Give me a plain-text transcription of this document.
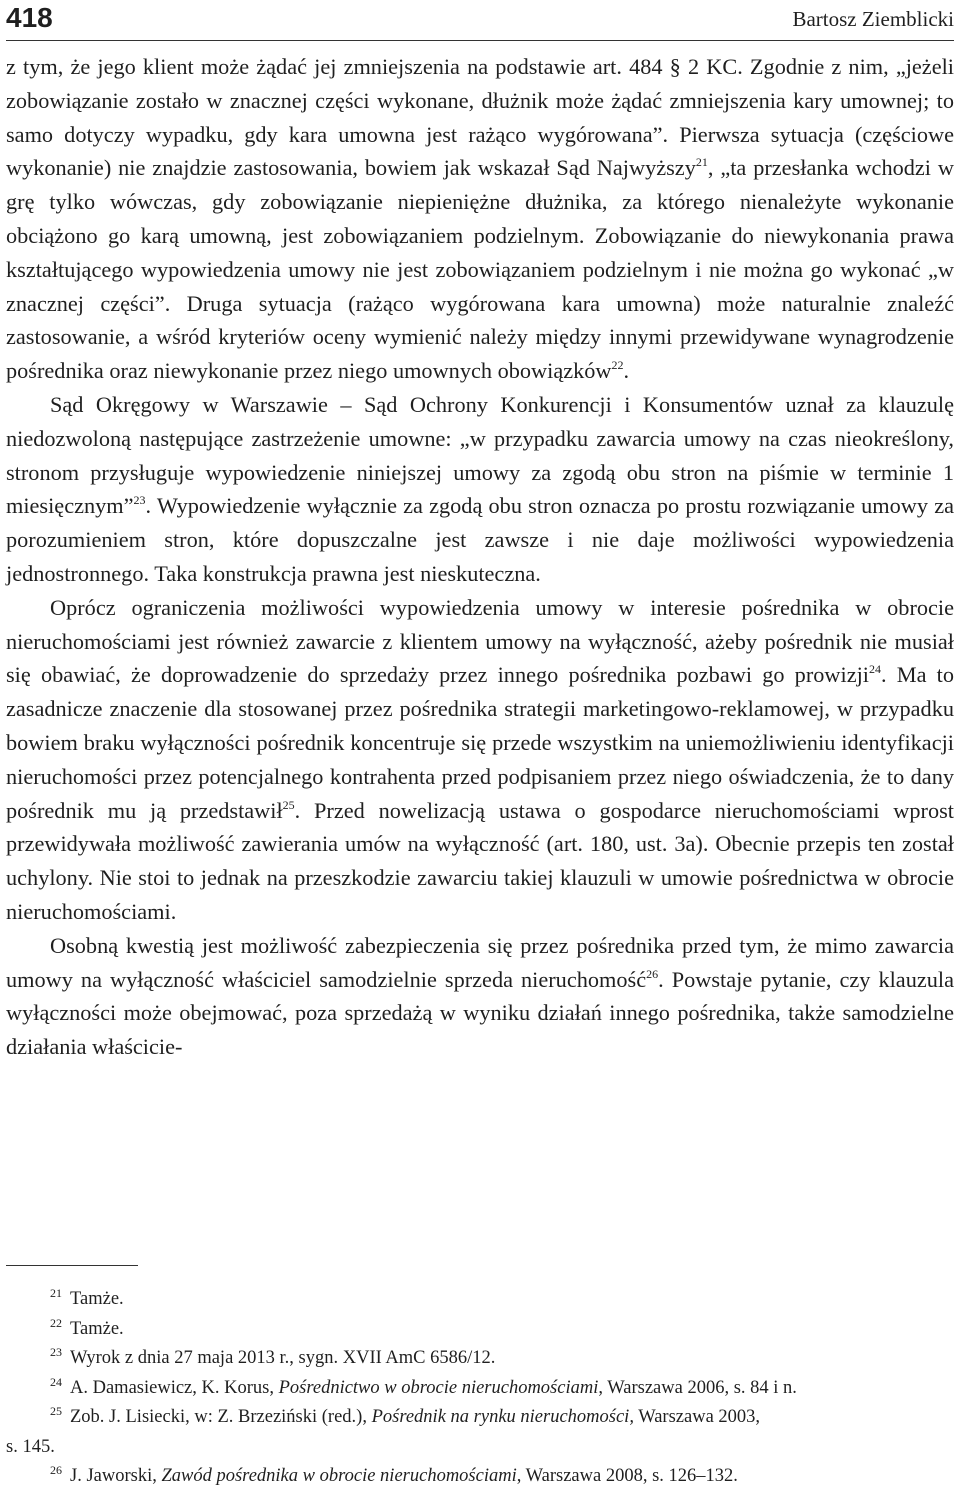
418	Bartosz Ziemblicki

z tym, że jego klient może żądać jej zmniejszenia na podstawie art. 484 § 2 KC. Zgodnie z nim, „jeżeli zobowiązanie zostało w znacznej części wykonane, dłużnik może żądać zmniejszenia kary umownej; to samo dotyczy wypadku, gdy kara umowna jest rażąco wygórowana”. Pierwsza sytuacja (częściowe wykonanie) nie znajdzie zastosowania, bowiem jak wskazał Sąd Najwyższy$^{21}$, „ta przesłanka wchodzi w grę tylko wówczas, gdy zobowiązanie niepieniężne dłużnika, za którego nienależyte wykonanie obciążono go karą umowną, jest zobowiązaniem podzielnym. Zobowiązanie do niewykonania prawa kształtującego wypowiedzenia umowy nie jest zobowiązaniem podzielnym i nie można go wykonać „w znacznej części”. Druga sytuacja (rażąco wygórowana kara umowna) może naturalnie znaleźć zastosowanie, a wśród kryteriów oceny wymienić należy między innymi przewidywane wynagrodzenie pośrednika oraz niewykonanie przez niego umownych obowiązków$^{22}$.

Sąd Okręgowy w Warszawie – Sąd Ochrony Konkurencji i Konsumentów uznał za klauzulę niedozwoloną następujące zastrzeżenie umowne: „w przypadku zawarcia umowy na czas nieokreślony, stronom przysługuje wypowiedzenie niniejszej umowy za zgodą obu stron na piśmie w terminie 1 miesięcznym”$^{23}$. Wypowiedzenie wyłącznie za zgodą obu stron oznacza po prostu rozwiązanie umowy za porozumieniem stron, które dopuszczalne jest zawsze i nie daje możliwości wypowiedzenia jednostronnego. Taka konstrukcja prawna jest nieskuteczna.

Oprócz ograniczenia możliwości wypowiedzenia umowy w interesie pośrednika w obrocie nieruchomościami jest również zawarcie z klientem umowy na wyłączność, ażeby pośrednik nie musiał się obawiać, że doprowadzenie do sprzedaży przez innego pośrednika pozbawi go prowizji$^{24}$. Ma to zasadnicze znaczenie dla stosowanej przez pośrednika strategii marketingowo-reklamowej, w przypadku bowiem braku wyłączności pośrednik koncentruje się przede wszystkim na uniemożliwieniu identyfikacji nieruchomości przez potencjalnego kontrahenta przed podpisaniem przez niego oświadczenia, że to dany pośrednik mu ją przedstawił$^{25}$. Przed nowelizacją ustawa o gospodarce nieruchomościami wprost przewidywała możliwość zawierania umów na wyłączność (art. 180, ust. 3a). Obecnie przepis ten został uchylony. Nie stoi to jednak na przeszkodzie zawarciu takiej klauzuli w umowie pośrednictwa w obrocie nieruchomościami.

Osobną kwestią jest możliwość zabezpieczenia się przez pośrednika przed tym, że mimo zawarcia umowy na wyłączność właściciel samodzielnie sprzeda nieruchomość$^{26}$. Powstaje pytanie, czy klauzula wyłączności może obejmować, poza sprzedażą w wyniku działań innego pośrednika, także samodzielne działania właścicie-

$^{21}$ Tamże.

$^{22}$ Tamże.

$^{23}$ Wyrok z dnia 27 maja 2013 r., sygn. XVII AmC 6586/12.

$^{24}$ A. Damasiewicz, K. Korus, Pośrednictwo w obrocie nieruchomościami, Warszawa 2006, s. 84 i n.

$^{25}$ Zob. J. Lisiecki, w: Z. Brzeziński (red.), Pośrednik na rynku nieruchomości, Warszawa 2003,

s. 145.

$^{26}$ J. Jaworski, Zawód pośrednika w obrocie nieruchomościami, Warszawa 2008, s. 126–132.
